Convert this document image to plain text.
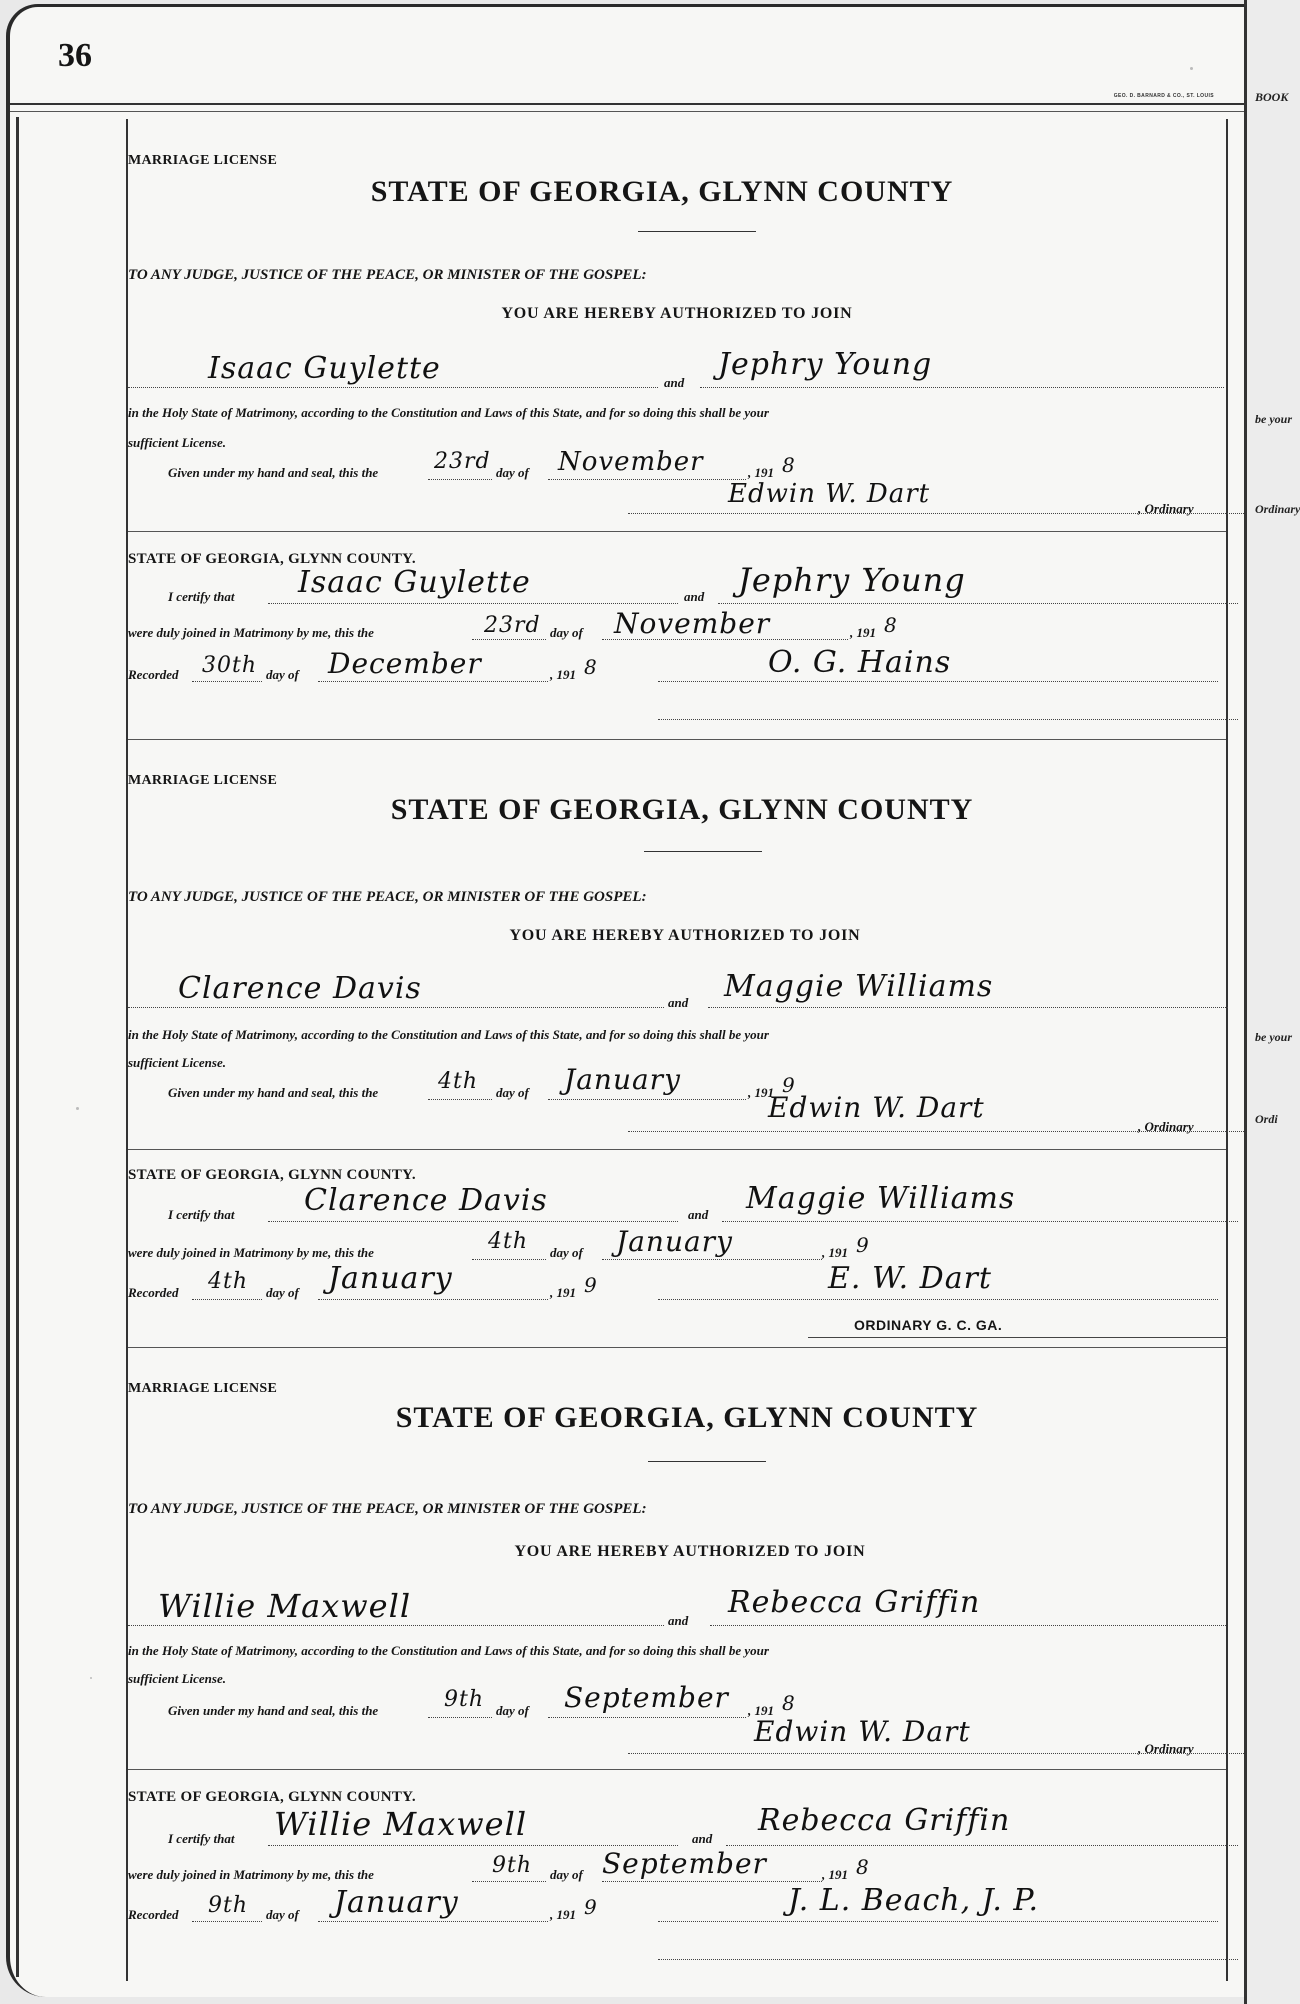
36
GEO. D. BARNARD & CO., ST. LOUIS
MARRIAGE LICENSE
STATE OF GEORGIA, GLYNN COUNTY
TO ANY JUDGE, JUSTICE OF THE PEACE, OR MINISTER OF THE GOSPEL:
YOU ARE HEREBY AUTHORIZED TO JOIN
Isaac Guylette	and
Jephry Young
in the Holy State of Matrimony, according to the Constitution and Laws of this State, and for so doing this shall be your
sufficient License.
Given under my hand and seal, this the	23rd day of November	, 191 8
Edwin W. Dart	, Ordinary
STATE OF GEORGIA, GLYNN COUNTY.
I certify that Isaac Guylette	and Jephry Young
were duly joined in Matrimony by me, this the	23rd day of November	, 191 8
Recorded 30th day of December	, 191 8	O. G. Hains
MARRIAGE LICENSE
STATE OF GEORGIA, GLYNN COUNTY
TO ANY JUDGE, JUSTICE OF THE PEACE, OR MINISTER OF THE GOSPEL:
YOU ARE HEREBY AUTHORIZED TO JOIN
Clarence Davis	and Maggie Williams
in the Holy State of Matrimony, according to the Constitution and Laws of this State, and for so doing this shall be your
sufficient License.
Given under my hand and seal, this the	4th day of January	, 191 9
Edwin W. Dart
, Ordinary
STATE OF GEORGIA, GLYNN COUNTY.
I certify that Clarence Davis	and Maggie Williams
were duly joined in Matrimony by me, this the	4th day of January	, 191 9
Recorded 4th day of January	, 191 9	E. W. Dart
ORDINARY G. C. GA.
MARRIAGE LICENSE
STATE OF GEORGIA, GLYNN COUNTY
TO ANY JUDGE, JUSTICE OF THE PEACE, OR MINISTER OF THE GOSPEL:
YOU ARE HEREBY AUTHORIZED TO JOIN
Willie Maxwell	and
Rebecca Griffin
in the Holy State of Matrimony, according to the Constitution and Laws of this State, and for so doing this shall be your
sufficient License.
Given under my hand and seal, this the	9th day of September , 191 8
Edwin W. Dart
, Ordinary
STATE OF GEORGIA, GLYNN COUNTY.
I certify that Willie Maxwell	and
Rebecca Griffin
were duly joined in Matrimony by me, this the	9th day of September	, 191 8
Recorded 9th day of January	, 191 9	J. L. Beach, J. P.
BOOK
be your
Ordinary
be your
Ordi
